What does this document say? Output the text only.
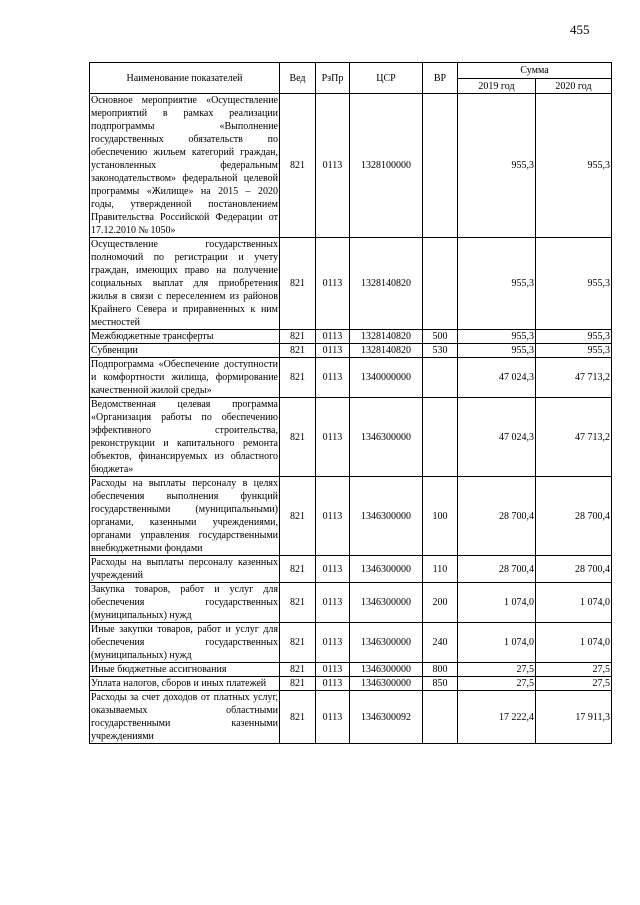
455
Наименование показателей	Вед	РзПр	ЦСР	ВР	Сумма	
					2019 год	2020 год
Основное мероприятие «Осуществление мероприятий в рамках реализации подпрограммы «Выполнение государственных обязательств по обеспечению жильем категорий граждан, установленных федеральным законодательством» федеральной целевой программы «Жилище» на 2015 – 2020 годы, утвержденной постановлением Правительства Российской Федерации от 17.12.2010 № 1050»	821	0113	1328100000		955,3	955,3
Осуществление государственных полномочий по регистрации и учету граждан, имеющих право на получение социальных выплат для приобретения жилья в связи с переселением из районов Крайнего Севера и приравненных к ним местностей	821	0113	1328140820		955,3	955,3
Межбюджетные трансферты	821	0113	1328140820	500	955,3	955,3
Субвенции	821	0113	1328140820	530	955,3	955,3
Подпрограмма «Обеспечение доступности и комфортности жилища, формирование качественной жилой среды»	821	0113	1340000000		47 024,3	47 713,2
Ведомственная целевая программа «Организация работы по обеспечению эффективного строительства, реконструкции и капитального ремонта объектов, финансируемых из областного бюджета»	821	0113	1346300000		47 024,3	47 713,2
Расходы на выплаты персоналу в целях обеспечения выполнения функций государственными (муниципальными) органами, казенными учреждениями, органами управления государственными внебюджетными фондами	821	0113	1346300000	100	28 700,4	28 700,4
Расходы на выплаты персоналу казенных учреждений	821	0113	1346300000	110	28 700,4	28 700,4
Закупка товаров, работ и услуг для обеспечения государственных (муниципальных) нужд	821	0113	1346300000	200	1 074,0	1 074,0
Иные закупки товаров, работ и услуг для обеспечения государственных (муниципальных) нужд	821	0113	1346300000	240	1 074,0	1 074,0
Иные бюджетные ассигнования	821	0113	1346300000	800	27,5	27,5
Уплата налогов, сборов и иных платежей	821	0113	1346300000	850	27,5	27,5
Расходы за счет доходов от платных услуг, оказываемых областными государственными казенными учреждениями	821	0113	1346300092		17 222,4	17 911,3
